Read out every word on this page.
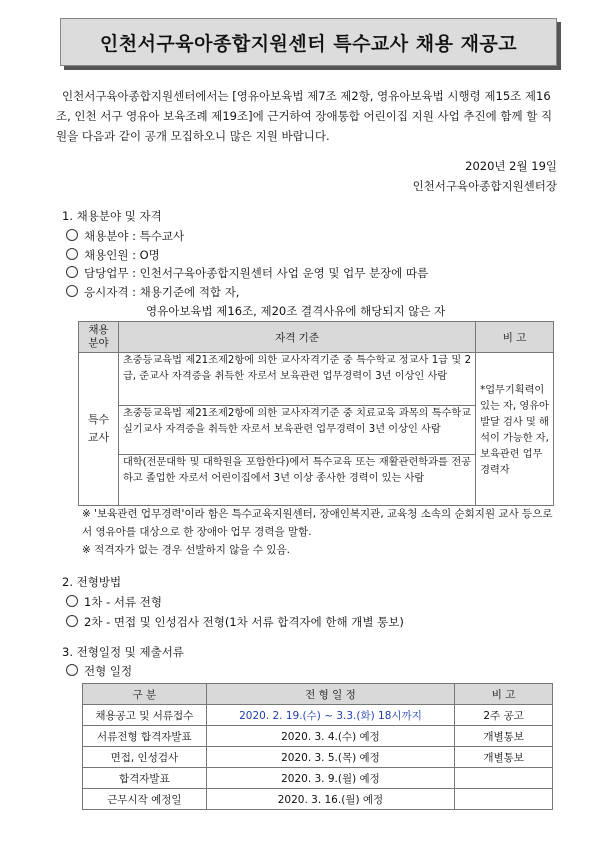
인천서구육아종합지원센터 특수교사 채용 재공고
인천서구육아종합지원센터에서는 [영유아보육법 제7조 제2항, 영유아보육법 시행령 제15조 제16조, 인천 서구 영유아 보육조례 제19조]에 근거하여 장애통합 어린이집 지원 사업 추진에 함께 할 직원을 다음과 같이 공개 모집하오니 많은 지원 바랍니다.
2020년 2월 19일
인천서구육아종합지원센터장
1. 채용분야 및 자격
채용분야 : 특수교사
채용인원 : O명
담당업무 : 인천서구육아종합지원센터 사업 운영 및 업무 분장에 따름
응시자격 : 채용기준에 적합 자,
영유아보육법 제16조, 제20조 결격사유에 해당되지 않은 자
채용
분야	자격 기준	비 고
특수
교사	초중등교육법 제21조제2항에 의한 교사자격기준 중 특수학교 정교사 1급 및 2급, 준교사 자격증을 취득한 자로서 보육관련 업무경력이 3년 이상인 사람	*업무기획력이 있는 자, 영유아발달 검사 및 해석이 가능한 자, 보육관련 업무 경력자
	초중등교육법 제21조제2항에 의한 교사자격기준 중 치료교육 과목의 특수학교 실기교사 자격증을 취득한 자로서 보육관련 업무경력이 3년 이상인 사람	
	대학(전문대학 및 대학원을 포함한다)에서 특수교육 또는 재활관련학과를 전공하고 졸업한 자로서 어린이집에서 3년 이상 종사한 경력이 있는 사람	
※ '보육관련 업무경력'이라 함은 특수교육지원센터, 장애인복지관, 교육청 소속의 순회지원 교사 등으로서 영유아를 대상으로 한 장애아 업무 경력을 말함.
※ 적격자가 없는 경우 선발하지 않을 수 있음.
2. 전형방법
1차 - 서류 전형
2차 - 면접 및 인성검사 전형(1차 서류 합격자에 한해 개별 통보)
3. 전형일정 및 제출서류
전형 일정
구 분	전 형 일 정	비 고
채용공고 및 서류접수	2020. 2. 19.(수) ~ 3.3.(화) 18시까지	2주 공고
서류전형 합격자발표	2020. 3. 4.(수) 예정	개별통보
면접, 인성검사	2020. 3. 5.(목) 예정	개별통보
합격자발표	2020. 3. 9.(월) 예정	
근무시작 예정일	2020. 3. 16.(월) 예정	
